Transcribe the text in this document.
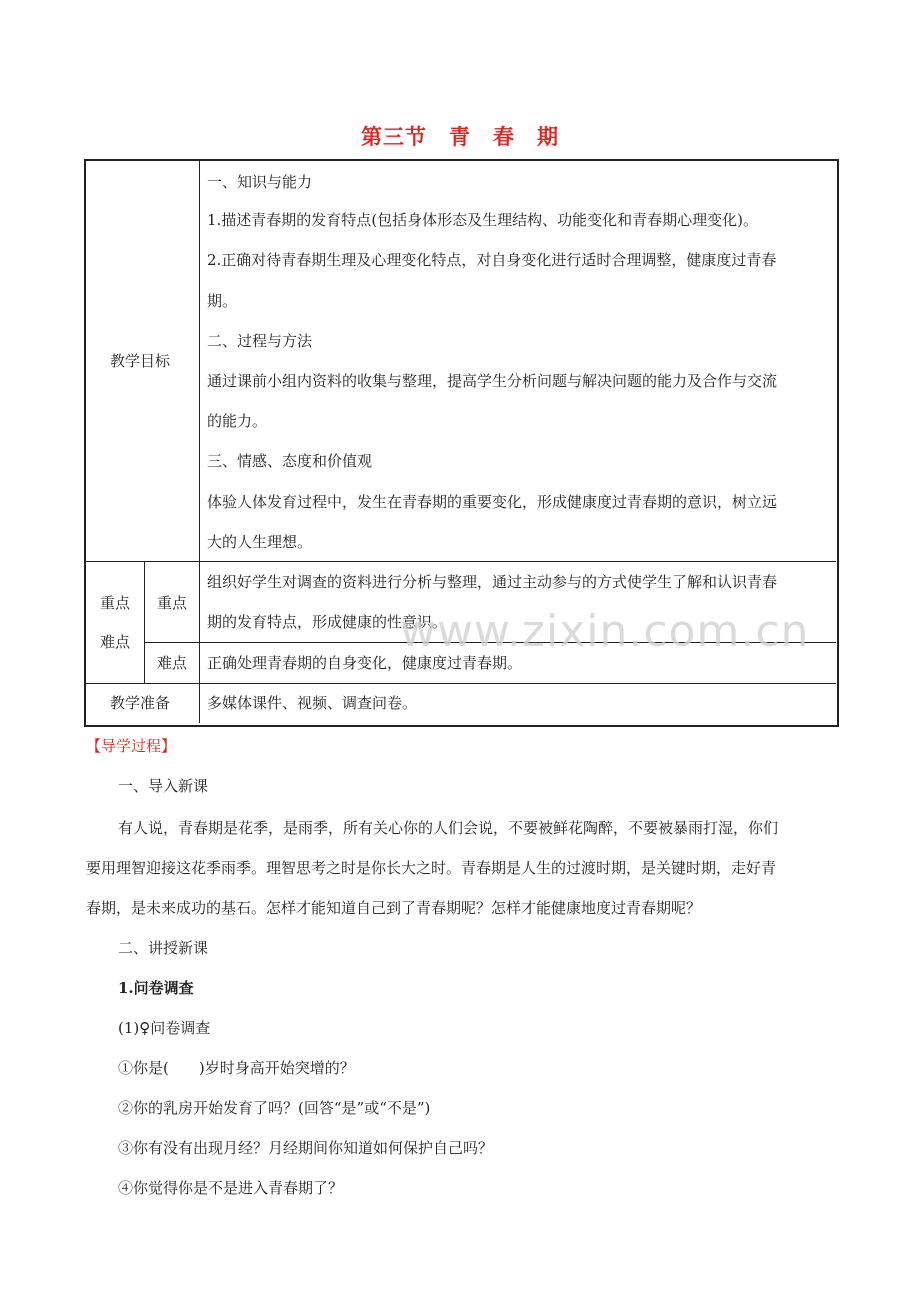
第三节　青　春　期
教学目标
一、知识与能力
1.描述青春期的发育特点(包括身体形态及生理结构、功能变化和青春期心理变化)。
2.正确对待青春期生理及心理变化特点，对自身变化进行适时合理调整，健康度过青春
期。
二、过程与方法
通过课前小组内资料的收集与整理，提高学生分析问题与解决问题的能力及合作与交流
的能力。
三、情感、态度和价值观
体验人体发育过程中，发生在青春期的重要变化，形成健康度过青春期的意识，树立远
大的人生理想。
重点
难点
重点
组织好学生对调查的资料进行分析与整理，通过主动参与的方式使学生了解和认识青春
期的发育特点，形成健康的性意识。
难点 正确处理青春期的自身变化，健康度过青春期。
教学准备 多媒体课件、视频、调查问卷。
www.zixin.com.cn
【导学过程】
一、导入新课
有人说，青春期是花季，是雨季，所有关心你的人们会说，不要被鲜花陶醉，不要被暴雨打湿，你们
要用理智迎接这花季雨季。理智思考之时是你长大之时。青春期是人生的过渡时期，是关键时期，走好青
春期，是未来成功的基石。怎样才能知道自己到了青春期呢？怎样才能健康地度过青春期呢？
二、讲授新课
1.问卷调查
(1)♀问卷调查
①你是(　　)岁时身高开始突增的？
②你的乳房开始发育了吗？(回答“是”或“不是”)
③你有没有出现月经？月经期间你知道如何保护自己吗？
④你觉得你是不是进入青春期了？
